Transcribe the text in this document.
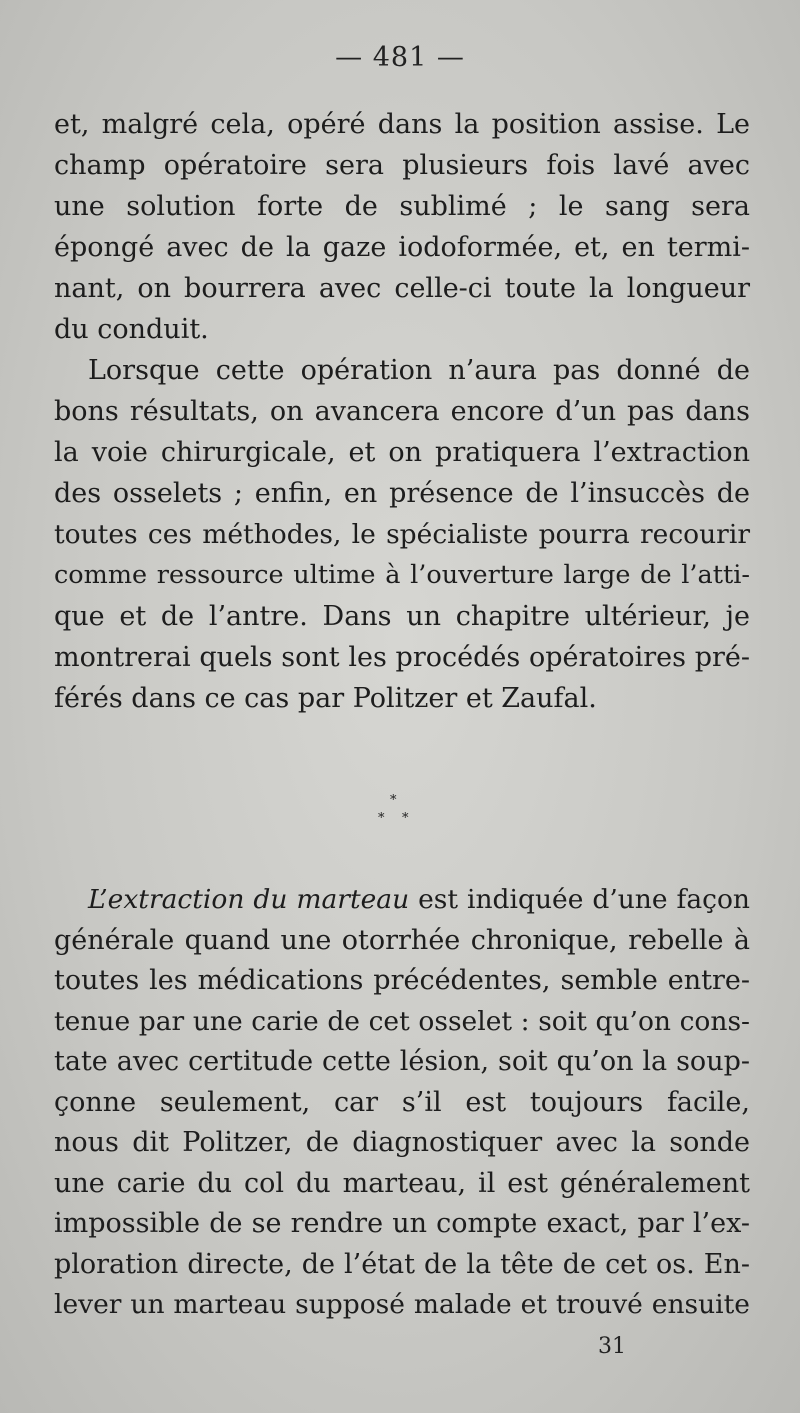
— 481 —
et, malgré cela, opéré dans la position assise. Le
champ opératoire sera plusieurs fois lavé avec
une solution forte de sublimé ; le sang sera
épongé avec de la gaze iodoformée, et, en termi-
nant, on bourrera avec celle-ci toute la longueur
du conduit.
Lorsque cette opération n’aura pas donné de
bons résultats, on avancera encore d’un pas dans
la voie chirurgicale, et on pratiquera l’extraction
des osselets ; enfin, en présence de l’insuccès de
toutes ces méthodes, le spécialiste pourra recourir
comme ressource ultime à l’ouverture large de l’atti-
que et de l’antre. Dans un chapitre ultérieur, je
montrerai quels sont les procédés opératoires pré-
férés dans ce cas par Politzer et Zaufal.
*
* *
L’extraction du marteau est indiquée d’une façon
générale quand une otorrhée chronique, rebelle à
toutes les médications précédentes, semble entre-
tenue par une carie de cet osselet : soit qu’on cons-
tate avec certitude cette lésion, soit qu’on la soup-
çonne seulement, car s’il est toujours facile,
nous dit Politzer, de diagnostiquer avec la sonde
une carie du col du marteau, il est généralement
impossible de se rendre un compte exact, par l’ex-
ploration directe, de l’état de la tête de cet os. En-
lever un marteau supposé malade et trouvé ensuite
31
